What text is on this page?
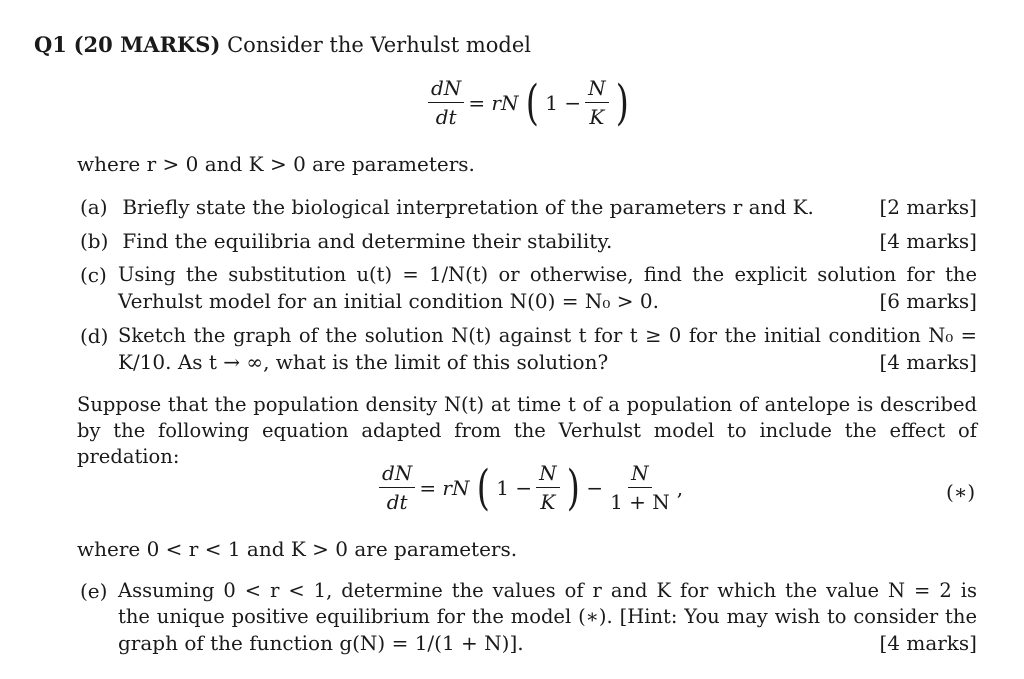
Q1 (20 MARKS) Consider the Verhulst model
$\frac{dN}{dt}$ = rN ( $1 - \frac{N}{K}$ )
where r > 0 and K > 0 are parameters.
(a) Briefly state the biological interpretation of the parameters r and K.	[2 marks]
(b) Find the equilibria and determine their stability.	[4 marks]
(c) Using the substitution u(t) = 1/N(t) or otherwise, find the explicit solution for the
Verhulst model for an initial condition N(0) = N₀ > 0.	[6 marks]
(d) Sketch the graph of the solution N(t) against t for t ≥ 0 for the initial condition N₀ =
K/10. As t → ∞, what is the limit of this solution?	[4 marks]
Suppose that the population density N(t) at time t of a population of antelope is described
by the following equation adapted from the Verhulst model to include the effect of predation:
$\frac{dN}{dt}$ = rN ( $1 - \frac{N}{K}$ ) − $\frac{N}{1 + N}$ ,	(∗)
where 0 < r < 1 and K > 0 are parameters.
(e) Assuming 0 < r < 1, determine the values of r and K for which the value N = 2 is
the unique positive equilibrium for the model (∗). [Hint: You may wish to consider the
graph of the function g(N) = 1/(1 + N)].	[4 marks]
